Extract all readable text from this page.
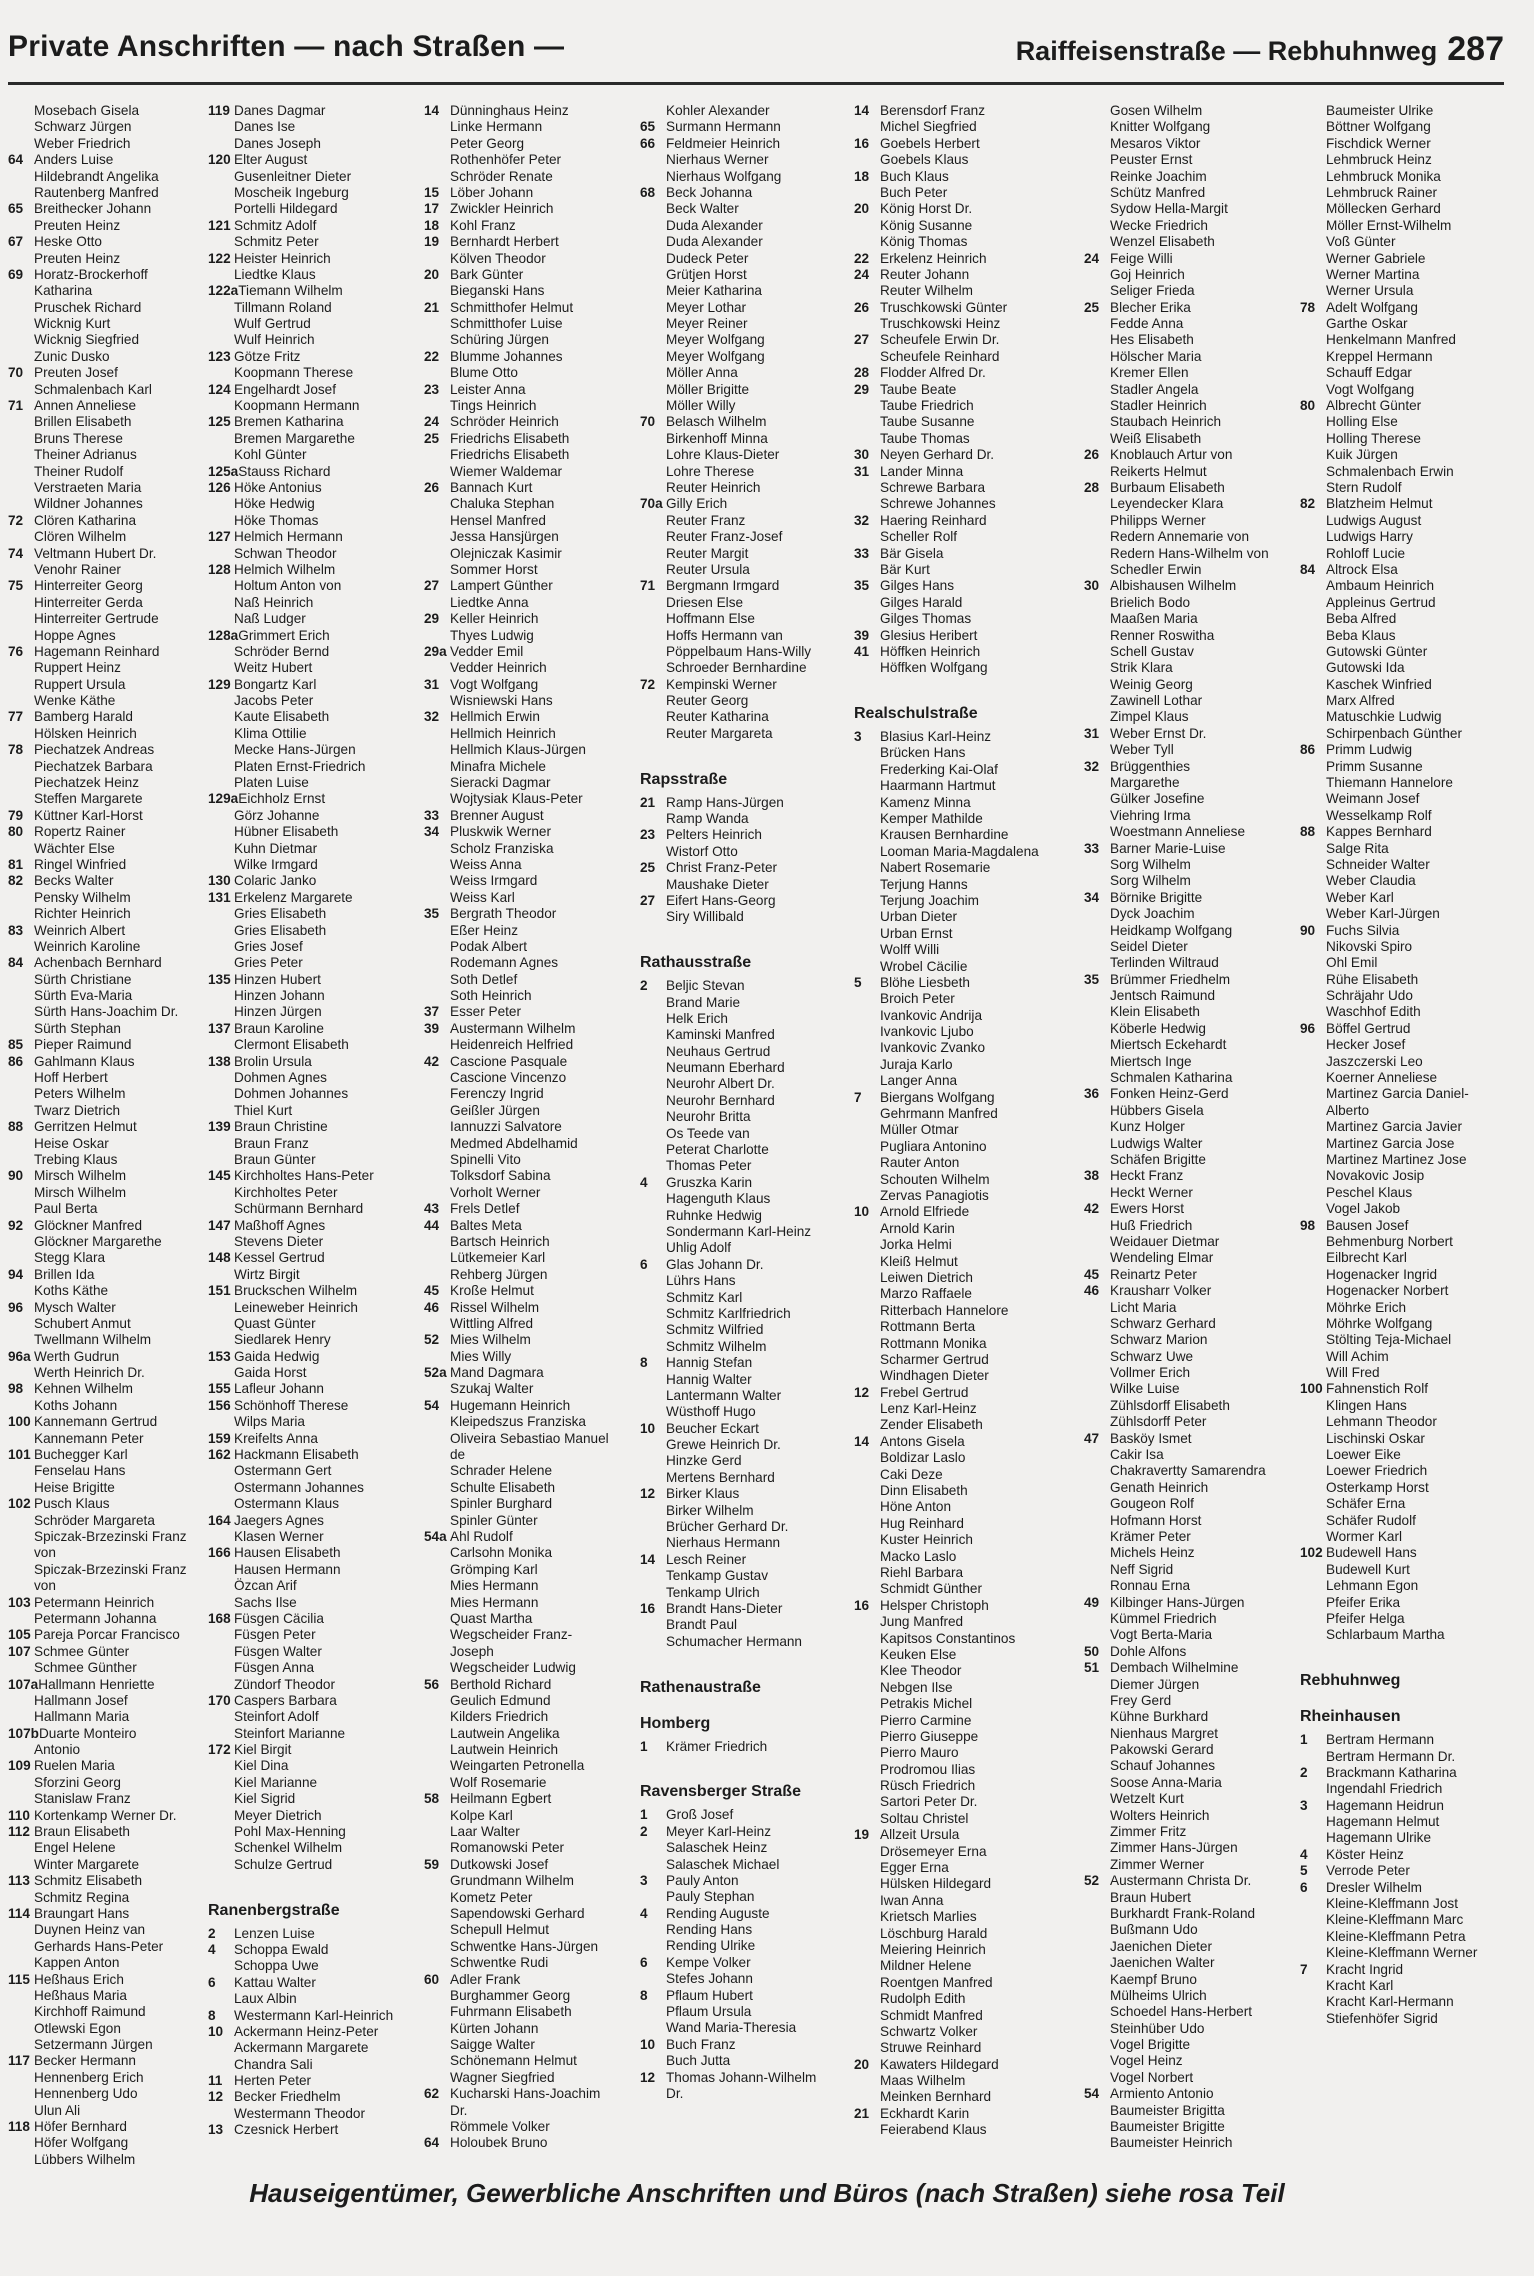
Private Anschriften — nach Straßen —	Raiffeisenstraße — Rebhuhnweg 287
Mosebach Gisela
Schwarz Jürgen
Weber Friedrich
64 Anders Luise
Hildebrandt Angelika
Rautenberg Manfred
65 Breithecker Johann
Preuten Heinz
67 Heske Otto
Preuten Heinz
69 Horatz-Brockerhoff
Katharina
Pruschek Richard
Wicknig Kurt
Wicknig Siegfried
Zunic Dusko
70 Preuten Josef
Schmalenbach Karl
71 Annen Anneliese
Brillen Elisabeth
Bruns Therese
Theiner Adrianus
Theiner Rudolf
Verstraeten Maria
Wildner Johannes
72 Clören Katharina
Clören Wilhelm
74 Veltmann Hubert Dr.
Venohr Rainer
75 Hinterreiter Georg
Hinterreiter Gerda
Hinterreiter Gertrude
Hoppe Agnes
76 Hagemann Reinhard
Ruppert Heinz
Ruppert Ursula
Wenke Käthe
77 Bamberg Harald
Hölsken Heinrich
78 Piechatzek Andreas
Piechatzek Barbara
Piechatzek Heinz
Steffen Margarete
79 Küttner Karl-Horst
80 Ropertz Rainer
Wächter Else
81 Ringel Winfried
82 Becks Walter
Pensky Wilhelm
Richter Heinrich
83 Weinrich Albert
Weinrich Karoline
84 Achenbach Bernhard
Sürth Christiane
Sürth Eva-Maria
Sürth Hans-Joachim Dr.
Sürth Stephan
85 Pieper Raimund
86 Gahlmann Klaus
Hoff Herbert
Peters Wilhelm
Twarz Dietrich
88 Gerritzen Helmut
Heise Oskar
Trebing Klaus
90 Mirsch Wilhelm
Mirsch Wilhelm
Paul Berta
92 Glöckner Manfred
Glöckner Margarethe
Stegg Klara
94 Brillen Ida
Koths Käthe
96 Mysch Walter
Schubert Anmut
Twellmann Wilhelm
96a Werth Gudrun
Werth Heinrich Dr.
98 Kehnen Wilhelm
Koths Johann
100 Kannemann Gertrud
Kannemann Peter
101 Buchegger Karl
Fenselau Hans
Heise Brigitte
102 Pusch Klaus
Schröder Margareta
Spiczak-Brzezinski Franz
von
Spiczak-Brzezinski Franz
von
103 Petermann Heinrich
Petermann Johanna
105 Pareja Porcar Francisco
107 Schmee Günter
Schmee Günther
107aHallmann Henriette
Hallmann Josef
Hallmann Maria
107bDuarte Monteiro
Antonio
109 Ruelen Maria
Sforzini Georg
Stanislaw Franz
110 Kortenkamp Werner Dr.
112 Braun Elisabeth
Engel Helene
Winter Margarete
113 Schmitz Elisabeth
Schmitz Regina
114 Braungart Hans
Duynen Heinz van
Gerhards Hans-Peter
Kappen Anton
115 Heßhaus Erich
Heßhaus Maria
Kirchhoff Raimund
Otlewski Egon
Setzermann Jürgen
117 Becker Hermann
Hennenberg Erich
Hennenberg Udo
Ulun Ali
118 Höfer Bernhard
Höfer Wolfgang
Lübbers Wilhelm
119 Danes Dagmar
Danes Ise
Danes Joseph
120 Elter August
Gusenleitner Dieter
Moscheik Ingeburg
Portelli Hildegard
121 Schmitz Adolf
Schmitz Peter
122 Heister Heinrich
Liedtke Klaus
122aTiemann Wilhelm
Tillmann Roland
Wulf Gertrud
Wulf Heinrich
123 Götze Fritz
Koopmann Therese
124 Engelhardt Josef
Koopmann Hermann
125 Bremen Katharina
Bremen Margarethe
Kohl Günter
125aStauss Richard
126 Höke Antonius
Höke Hedwig
Höke Thomas
127 Helmich Hermann
Schwan Theodor
128 Helmich Wilhelm
Holtum Anton von
Naß Heinrich
Naß Ludger
128aGrimmert Erich
Schröder Bernd
Weitz Hubert
129 Bongartz Karl
Jacobs Peter
Kaute Elisabeth
Klima Ottilie
Mecke Hans-Jürgen
Platen Ernst-Friedrich
Platen Luise
129aEichholz Ernst
Görz Johanne
Hübner Elisabeth
Kuhn Dietmar
Wilke Irmgard
130 Colaric Janko
131 Erkelenz Margarete
Gries Elisabeth
Gries Elisabeth
Gries Josef
Gries Peter
135 Hinzen Hubert
Hinzen Johann
Hinzen Jürgen
137 Braun Karoline
Clermont Elisabeth
138 Brolin Ursula
Dohmen Agnes
Dohmen Johannes
Thiel Kurt
139 Braun Christine
Braun Franz
Braun Günter
145 Kirchholtes Hans-Peter
Kirchholtes Peter
Schürmann Bernhard
147 Maßhoff Agnes
Stevens Dieter
148 Kessel Gertrud
Wirtz Birgit
151 Bruckschen Wilhelm
Leineweber Heinrich
Quast Günter
Siedlarek Henry
153 Gaida Hedwig
Gaida Horst
155 Lafleur Johann
156 Schönhoff Therese
Wilps Maria
159 Kreifelts Anna
162 Hackmann Elisabeth
Ostermann Gert
Ostermann Johannes
Ostermann Klaus
164 Jaegers Agnes
Klasen Werner
166 Hausen Elisabeth
Hausen Hermann
Özcan Arif
Sachs Ilse
168 Füsgen Cäcilia
Füsgen Peter
Füsgen Walter
Füsgen Anna
Zündorf Theodor
170 Caspers Barbara
Steinfort Adolf
Steinfort Marianne
172 Kiel Birgit
Kiel Dina
Kiel Marianne
Kiel Sigrid
Meyer Dietrich
Pohl Max-Henning
Schenkel Wilhelm
Schulze Gertrud
Ranenbergstraße
2 Lenzen Luise
4 Schoppa Ewald
Schoppa Uwe
6 Kattau Walter
Laux Albin
8 Westermann Karl-Heinrich
10 Ackermann Heinz-Peter
Ackermann Margarete
Chandra Sali
11 Herten Peter
12 Becker Friedhelm
Westermann Theodor
13 Czesnick Herbert
14 Dünninghaus Heinz
Linke Hermann
Peter Georg
Rothenhöfer Peter
Schröder Renate
15 Löber Johann
17 Zwickler Heinrich
18 Kohl Franz
19 Bernhardt Herbert
Kölven Theodor
20 Bark Günter
Bieganski Hans
21 Schmitthofer Helmut
Schmitthofer Luise
Schüring Jürgen
22 Blumme Johannes
Blume Otto
23 Leister Anna
Tings Heinrich
24 Schröder Heinrich
25 Friedrichs Elisabeth
Friedrichs Elisabeth
Wiemer Waldemar
26 Bannach Kurt
Chaluka Stephan
Hensel Manfred
Jessa Hansjürgen
Olejniczak Kasimir
Sommer Horst
27 Lampert Günther
Liedtke Anna
29 Keller Heinrich
Thyes Ludwig
29a Vedder Emil
Vedder Heinrich
31 Vogt Wolfgang
Wisniewski Hans
32 Hellmich Erwin
Hellmich Heinrich
Hellmich Klaus-Jürgen
Minafra Michele
Sieracki Dagmar
Wojtysiak Klaus-Peter
33 Brenner August
34 Pluskwik Werner
Scholz Franziska
Weiss Anna
Weiss Irmgard
Weiss Karl
35 Bergrath Theodor
Eßer Heinz
Podak Albert
Rodemann Agnes
Soth Detlef
Soth Heinrich
37 Esser Peter
39 Austermann Wilhelm
Heidenreich Helfried
42 Cascione Pasquale
Cascione Vincenzo
Ferenczy Ingrid
Geißler Jürgen
Iannuzzi Salvatore
Medmed Abdelhamid
Spinelli Vito
Tolksdorf Sabina
Vorholt Werner
43 Frels Detlef
44 Baltes Meta
Bartsch Heinrich
Lütkemeier Karl
Rehberg Jürgen
45 Kroße Helmut
46 Rissel Wilhelm
Wittling Alfred
52 Mies Wilhelm
Mies Willy
52a Mand Dagmara
Szukaj Walter
54 Hugemann Heinrich
Kleipedszus Franziska
Oliveira Sebastiao Manuel
de
Schrader Helene
Schulte Elisabeth
Spinler Burghard
Spinler Günter
54a Ahl Rudolf
Carlsohn Monika
Grömping Karl
Mies Hermann
Mies Hermann
Quast Martha
Wegscheider Franz-
Joseph
Wegscheider Ludwig
56 Berthold Richard
Geulich Edmund
Kilders Friedrich
Lautwein Angelika
Lautwein Heinrich
Weingarten Petronella
Wolf Rosemarie
58 Heilmann Egbert
Kolpe Karl
Laar Walter
Romanowski Peter
59 Dutkowski Josef
Grundmann Wilhelm
Kometz Peter
Sapendowski Gerhard
Schepull Helmut
Schwentke Hans-Jürgen
Schwentke Rudi
60 Adler Frank
Burghammer Georg
Fuhrmann Elisabeth
Kürten Johann
Saigge Walter
Schönemann Helmut
Wagner Siegfried
62 Kucharski Hans-Joachim
Dr.
Römmele Volker
64 Holoubek Bruno
Kohler Alexander
65 Surmann Hermann
66 Feldmeier Heinrich
Nierhaus Werner
Nierhaus Wolfgang
68 Beck Johanna
Beck Walter
Duda Alexander
Duda Alexander
Dudeck Peter
Grütjen Horst
Meier Katharina
Meyer Lothar
Meyer Reiner
Meyer Wolfgang
Meyer Wolfgang
Möller Anna
Möller Brigitte
Möller Willy
70 Belasch Wilhelm
Birkenhoff Minna
Lohre Klaus-Dieter
Lohre Therese
Reuter Heinrich
70a Gilly Erich
Reuter Franz
Reuter Franz-Josef
Reuter Margit
Reuter Ursula
71 Bergmann Irmgard
Driesen Else
Hoffmann Else
Hoffs Hermann van
Pöppelbaum Hans-Willy
Schroeder Bernhardine
72 Kempinski Werner
Reuter Georg
Reuter Katharina
Reuter Margareta
Rapsstraße
21 Ramp Hans-Jürgen
Ramp Wanda
23 Pelters Heinrich
Wistorf Otto
25 Christ Franz-Peter
Maushake Dieter
27 Eifert Hans-Georg
Siry Willibald
Rathausstraße
2 Beljic Stevan
Brand Marie
Helk Erich
Kaminski Manfred
Neuhaus Gertrud
Neumann Eberhard
Neurohr Albert Dr.
Neurohr Bernhard
Neurohr Britta
Os Teede van
Peterat Charlotte
Thomas Peter
4 Gruszka Karin
Hagenguth Klaus
Ruhnke Hedwig
Sondermann Karl-Heinz
Uhlig Adolf
6 Glas Johann Dr.
Lührs Hans
Schmitz Karl
Schmitz Karlfriedrich
Schmitz Wilfried
Schmitz Wilhelm
8 Hannig Stefan
Hannig Walter
Lantermann Walter
Wüsthoff Hugo
10 Beucher Eckart
Grewe Heinrich Dr.
Hinzke Gerd
Mertens Bernhard
12 Birker Klaus
Birker Wilhelm
Brücher Gerhard Dr.
Nierhaus Hermann
14 Lesch Reiner
Tenkamp Gustav
Tenkamp Ulrich
16 Brandt Hans-Dieter
Brandt Paul
Schumacher Hermann
Rathenaustraße
Homberg
1 Krämer Friedrich
Ravensberger Straße
1 Groß Josef
2 Meyer Karl-Heinz
Salaschek Heinz
Salaschek Michael
3 Pauly Anton
Pauly Stephan
4 Rending Auguste
Rending Hans
Rending Ulrike
6 Kempe Volker
Stefes Johann
8 Pflaum Hubert
Pflaum Ursula
Wand Maria-Theresia
10 Buch Franz
Buch Jutta
12 Thomas Johann-Wilhelm
Dr.
14 Berensdorf Franz
Michel Siegfried
16 Goebels Herbert
Goebels Klaus
18 Buch Klaus
Buch Peter
20 König Horst Dr.
König Susanne
König Thomas
22 Erkelenz Heinrich
24 Reuter Johann
Reuter Wilhelm
26 Truschkowski Günter
Truschkowski Heinz
27 Scheufele Erwin Dr.
Scheufele Reinhard
28 Flodder Alfred Dr.
29 Taube Beate
Taube Friedrich
Taube Susanne
Taube Thomas
30 Neyen Gerhard Dr.
31 Lander Minna
Schrewe Barbara
Schrewe Johannes
32 Haering Reinhard
Scheller Rolf
33 Bär Gisela
Bär Kurt
35 Gilges Hans
Gilges Harald
Gilges Thomas
39 Glesius Heribert
41 Höffken Heinrich
Höffken Wolfgang
Realschulstraße
3 Blasius Karl-Heinz
Brücken Hans
Frederking Kai-Olaf
Haarmann Hartmut
Kamenz Minna
Kemper Mathilde
Krausen Bernhardine
Looman Maria-Magdalena
Nabert Rosemarie
Terjung Hanns
Terjung Joachim
Urban Dieter
Urban Ernst
Wolff Willi
Wrobel Cäcilie
5 Blöhe Liesbeth
Broich Peter
Ivankovic Andrija
Ivankovic Ljubo
Ivankovic Zvanko
Juraja Karlo
Langer Anna
7 Biergans Wolfgang
Gehrmann Manfred
Müller Otmar
Pugliara Antonino
Rauter Anton
Schouten Wilhelm
Zervas Panagiotis
10 Arnold Elfriede
Arnold Karin
Jorka Helmi
Kleiß Helmut
Leiwen Dietrich
Marzo Raffaele
Ritterbach Hannelore
Rottmann Berta
Rottmann Monika
Scharmer Gertrud
Windhagen Dieter
12 Frebel Gertrud
Lenz Karl-Heinz
Zender Elisabeth
14 Antons Gisela
Boldizar Laslo
Caki Deze
Dinn Elisabeth
Höne Anton
Hug Reinhard
Kuster Heinrich
Macko Laslo
Riehl Barbara
Schmidt Günther
16 Helsper Christoph
Jung Manfred
Kapitsos Constantinos
Keuken Else
Klee Theodor
Nebgen Ilse
Petrakis Michel
Pierro Carmine
Pierro Giuseppe
Pierro Mauro
Prodromou Ilias
Rüsch Friedrich
Sartori Peter Dr.
Soltau Christel
19 Allzeit Ursula
Drösemeyer Erna
Egger Erna
Hülsken Hildegard
Iwan Anna
Krietsch Marlies
Löschburg Harald
Meiering Heinrich
Mildner Helene
Roentgen Manfred
Rudolph Edith
Schmidt Manfred
Schwartz Volker
Struwe Reinhard
20 Kawaters Hildegard
Maas Wilhelm
Meinken Bernhard
21 Eckhardt Karin
Feierabend Klaus
Gosen Wilhelm
Knitter Wolfgang
Mesaros Viktor
Peuster Ernst
Reinke Joachim
Schütz Manfred
Sydow Hella-Margit
Wecke Friedrich
Wenzel Elisabeth
24 Feige Willi
Goj Heinrich
Seliger Frieda
25 Blecher Erika
Fedde Anna
Hes Elisabeth
Hölscher Maria
Kremer Ellen
Stadler Angela
Stadler Heinrich
Staubach Heinrich
Weiß Elisabeth
26 Knoblauch Artur von
Reikerts Helmut
28 Burbaum Elisabeth
Leyendecker Klara
Philipps Werner
Redern Annemarie von
Redern Hans-Wilhelm von
Schedler Erwin
30 Albishausen Wilhelm
Brielich Bodo
Maaßen Maria
Renner Roswitha
Schell Gustav
Strik Klara
Weinig Georg
Zawinell Lothar
Zimpel Klaus
31 Weber Ernst Dr.
Weber Tyll
32 Brüggenthies
Margarethe
Gülker Josefine
Viehring Irma
Woestmann Anneliese
33 Barner Marie-Luise
Sorg Wilhelm
Sorg Wilhelm
34 Börnike Brigitte
Dyck Joachim
Heidkamp Wolfgang
Seidel Dieter
Terlinden Wiltraud
35 Brümmer Friedhelm
Jentsch Raimund
Klein Elisabeth
Köberle Hedwig
Miertsch Eckehardt
Miertsch Inge
Schmalen Katharina
36 Fonken Heinz-Gerd
Hübbers Gisela
Kunz Holger
Ludwigs Walter
Schäfen Brigitte
38 Heckt Franz
Heckt Werner
42 Ewers Horst
Huß Friedrich
Weidauer Dietmar
Wendeling Elmar
45 Reinartz Peter
46 Krausharr Volker
Licht Maria
Schwarz Gerhard
Schwarz Marion
Schwarz Uwe
Vollmer Erich
Wilke Luise
Zühlsdorff Elisabeth
Zühlsdorff Peter
47 Basköy Ismet
Cakir Isa
Chakravertty Samarendra
Genath Heinrich
Gougeon Rolf
Hofmann Horst
Krämer Peter
Michels Heinz
Neff Sigrid
Ronnau Erna
49 Kilbinger Hans-Jürgen
Kümmel Friedrich
Vogt Berta-Maria
50 Dohle Alfons
51 Dembach Wilhelmine
Diemer Jürgen
Frey Gerd
Kühne Burkhard
Nienhaus Margret
Pakowski Gerard
Schauf Johannes
Soose Anna-Maria
Wetzelt Kurt
Wolters Heinrich
Zimmer Fritz
Zimmer Hans-Jürgen
Zimmer Werner
52 Austermann Christa Dr.
Braun Hubert
Burkhardt Frank-Roland
Bußmann Udo
Jaenichen Dieter
Jaenichen Walter
Kaempf Bruno
Mülheims Ulrich
Schoedel Hans-Herbert
Steinhüber Udo
Vogel Brigitte
Vogel Heinz
Vogel Norbert
54 Armiento Antonio
Baumeister Brigitta
Baumeister Brigitte
Baumeister Heinrich
Baumeister Ulrike
Böttner Wolfgang
Fischdick Werner
Lehmbruck Heinz
Lehmbruck Monika
Lehmbruck Rainer
Möllecken Gerhard
Möller Ernst-Wilhelm
Voß Günter
Werner Gabriele
Werner Martina
Werner Ursula
78 Adelt Wolfgang
Garthe Oskar
Henkelmann Manfred
Kreppel Hermann
Schauff Edgar
Vogt Wolfgang
80 Albrecht Günter
Holling Else
Holling Therese
Kuik Jürgen
Schmalenbach Erwin
Stern Rudolf
82 Blatzheim Helmut
Ludwigs August
Ludwigs Harry
Rohloff Lucie
84 Altrock Elsa
Ambaum Heinrich
Appleinus Gertrud
Beba Alfred
Beba Klaus
Gutowski Günter
Gutowski Ida
Kaschek Winfried
Marx Alfred
Matuschkie Ludwig
Schirpenbach Günther
86 Primm Ludwig
Primm Susanne
Thiemann Hannelore
Weimann Josef
Wesselkamp Rolf
88 Kappes Bernhard
Salge Rita
Schneider Walter
Weber Claudia
Weber Karl
Weber Karl-Jürgen
90 Fuchs Silvia
Nikovski Spiro
Ohl Emil
Rühe Elisabeth
Schräjahr Udo
Waschhof Edith
96 Böffel Gertrud
Hecker Josef
Jaszczerski Leo
Koerner Anneliese
Martinez Garcia Daniel-
Alberto
Martinez Garcia Javier
Martinez Garcia Jose
Martinez Martinez Jose
Novakovic Josip
Peschel Klaus
Vogel Jakob
98 Bausen Josef
Behmenburg Norbert
Eilbrecht Karl
Hogenacker Ingrid
Hogenacker Norbert
Möhrke Erich
Möhrke Wolfgang
Stölting Teja-Michael
Will Achim
Will Fred
100 Fahnenstich Rolf
Klingen Hans
Lehmann Theodor
Lischinski Oskar
Loewer Eike
Loewer Friedrich
Osterkamp Horst
Schäfer Erna
Schäfer Rudolf
Wormer Karl
102 Budewell Hans
Budewell Kurt
Lehmann Egon
Pfeifer Erika
Pfeifer Helga
Schlarbaum Martha
Rebhuhnweg
Rheinhausen
1 Bertram Hermann
Bertram Hermann Dr.
2 Brackmann Katharina
Ingendahl Friedrich
3 Hagemann Heidrun
Hagemann Helmut
Hagemann Ulrike
4 Köster Heinz
5 Verrode Peter
6 Dresler Wilhelm
Kleine-Kleffmann Jost
Kleine-Kleffmann Marc
Kleine-Kleffmann Petra
Kleine-Kleffmann Werner
7 Kracht Ingrid
Kracht Karl
Kracht Karl-Hermann
Stiefenhöfer Sigrid
Hauseigentümer, Gewerbliche Anschriften und Büros (nach Straßen) siehe rosa Teil
